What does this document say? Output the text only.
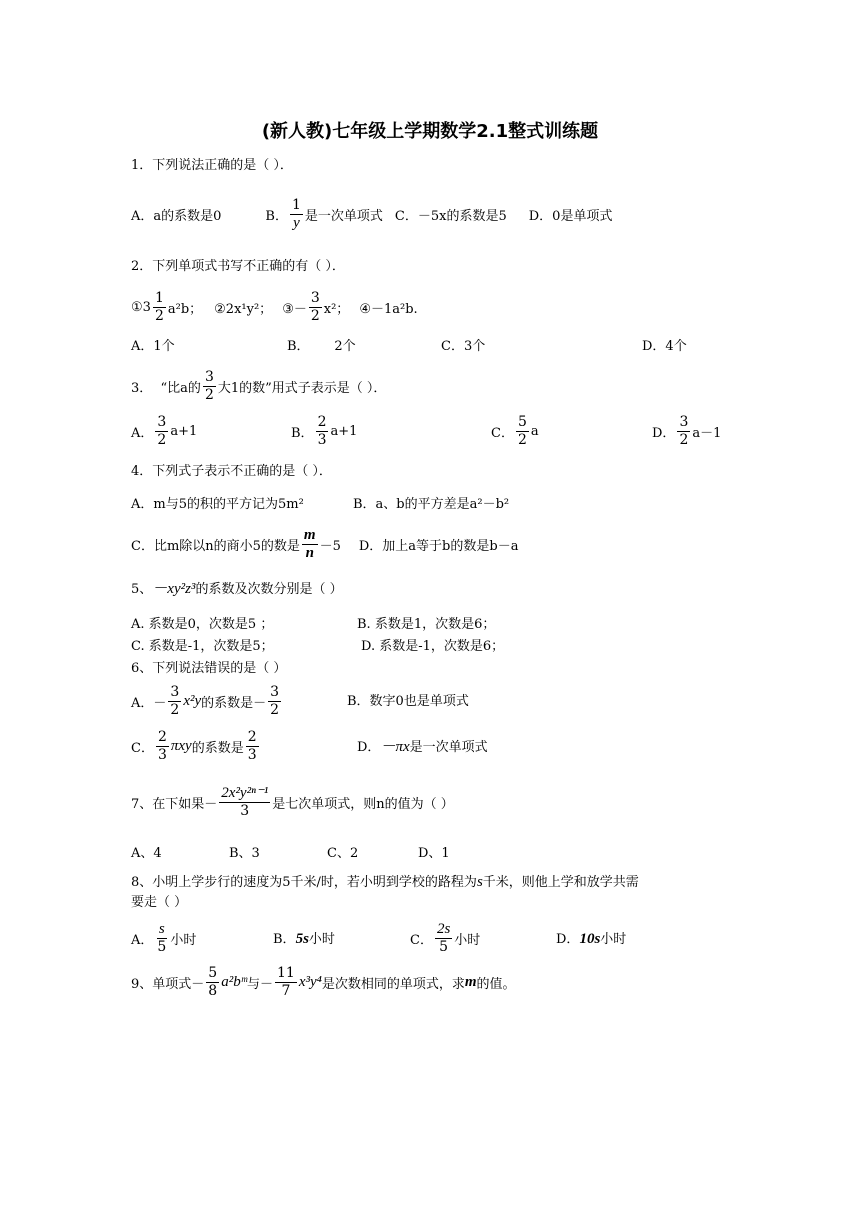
(新人教)七年级上学期数学2.1整式训练题
1．下列说法正确的是（ ）．
A．a的系数是0	B． $\frac{1}{y}$ 是一次单项式 C．－5x的系数是5 D．0是单项式
2．下列单项式书写不正确的有（ ）．
①3 $\frac{1}{2} a^2b$； ②2x¹y²； ③－ $\frac{3}{2} x^2$； ④－1a²b.
A．1个	B．      2个	C．3个	D．4个
3．  “比a的 $\frac{3}{2}$ 大1的数”用式子表示是（ ）．
A． $\frac{3}{2} a+1$	B． $\frac{2}{3} a+1$	C． $\frac{5}{2}$ a	D． $\frac{3}{2} a-1$
4．下列式子表示不正确的是（ ）．
A．m与5的积的平方记为5m²	B．a、b的平方差是a²－b²
C．比m除以n的商小5的数是 $\frac{m}{n} -5$ D．加上a等于b的数是b－a
5、－xy²z³的系数及次数分别是（ ）
A. 系数是0，次数是5 ；	B. 系数是1，次数是6；
C. 系数是-1，次数是5；	D. 系数是-1，次数是6；
6、下列说法错误的是（ ）
A．－ $\frac{3}{2} x^2y$ 的系数是－ $\frac{3}{2}$	B．数字0也是单项式
C． $\frac{2}{3}$ πxy 的系数是 $\frac{2}{3}$	D．－πx是一次单项式
7、在下如果－ $\frac{\text{2x²y²ⁿ⁻¹}}{3}$ 是七次单项式，则n的值为（ ）
A、4	B、3	C、2	D、1
8、小明上学步行的速度为5千米/时，若小明到学校的路程为s千米，则他上学和放学共需
要走（ ）
A． $\frac{s}{5}$ 小时	B．5s小时	C． $\frac{2s}{5}$ 小时	D．10s小时
9、单项式－ $\frac{5}{8}$ a²bᵐ 与－ $\frac{11}{7} x^3y^4$ 是次数相同的单项式，求 m 的值。
